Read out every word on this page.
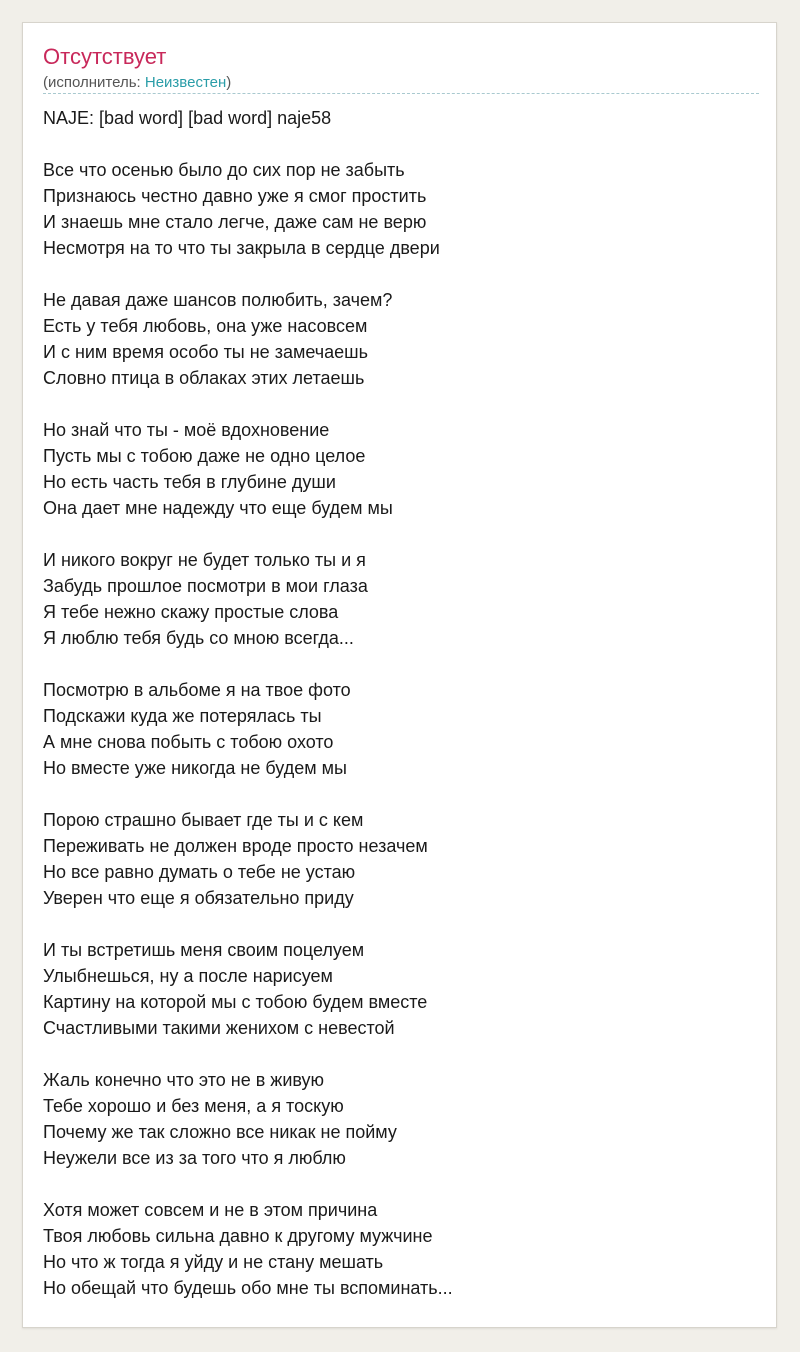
Отсутствует
(исполнитель: Неизвестен)
NAJE: [bad word] [bad word] naje58
Все что осенью было до сих пор не забыть
Признаюсь честно давно уже я смог простить
И знаешь мне стало легче, даже сам не верю
Несмотря на то что ты закрыла в сердце двери
Не давая даже шансов полюбить, зачем?
Есть у тебя любовь, она уже насовсем
И с ним время особо ты не замечаешь
Словно птица в облаках этих летаешь
Но знай что ты - моё вдохновение
Пусть мы с тобою даже не одно целое
Но есть часть тебя в глубине души
Она дает мне надежду что еще будем мы
И никого вокруг не будет только ты и я
Забудь прошлое посмотри в мои глаза
Я тебе нежно скажу простые слова
Я люблю тебя будь со мною всегда...
Посмотрю в альбоме я на твое фото
Подскажи куда же потерялась ты
А мне снова побыть с тобою охото
Но вместе уже никогда не будем мы
Порою страшно бывает где ты и с кем
Переживать не должен вроде просто незачем
Но все равно думать о тебе не устаю
Уверен что еще я обязательно приду
И ты встретишь меня своим поцелуем
Улыбнешься, ну а после нарисуем
Картину на которой мы с тобою будем вместе
Счастливыми такими женихом с невестой
Жаль конечно что это не в живую
Тебе хорошо и без меня, а я тоскую
Почему же так сложно все никак не пойму
Неужели все из за того что я люблю
Хотя может совсем и не в этом причина
Твоя любовь сильна давно к другому мужчине
Но что ж тогда я уйду и не стану мешать
Но обещай что будешь обо мне ты вспоминать...
